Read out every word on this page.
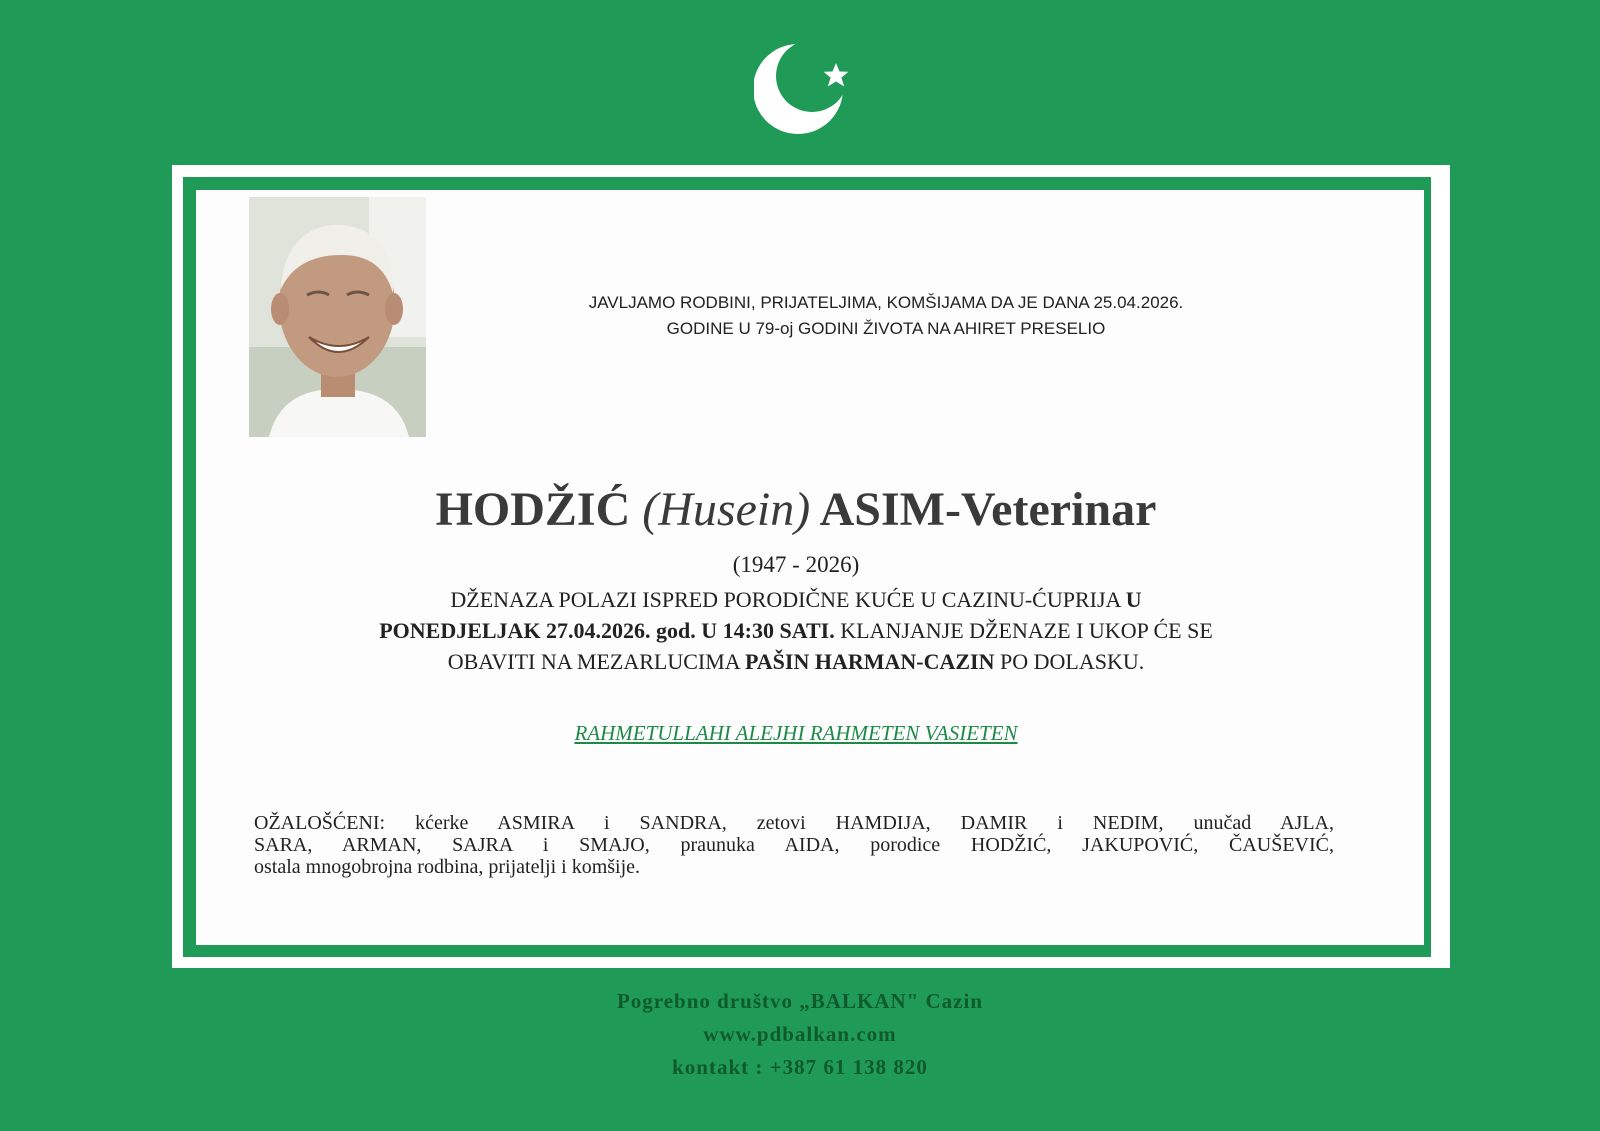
JAVLJAMO RODBINI, PRIJATELJIMA, KOMŠIJAMA DA JE DANA 25.04.2026.
GODINE U 79-oj GODINI ŽIVOTA NA AHIRET PRESELIO
HODŽIĆ (Husein) ASIM-Veterinar
(1947 - 2026)
DŽENAZA POLAZI ISPRED PORODIČNE KUĆE U CAZINU-ĆUPRIJA U
PONEDJELJAK 27.04.2026. god. U 14:30 SATI. KLANJANJE DŽENAZE I UKOP ĆE SE
OBAVITI NA MEZARLUCIMA PAŠIN HARMAN-CAZIN PO DOLASKU.
RAHMETULLAHI ALEJHI RAHMETEN VASIETEN
OŽALOŠĆENI: kćerke ASMIRA i SANDRA, zetovi HAMDIJA, DAMIR i NEDIM, unučad AJLA,
SARA, ARMAN, SAJRA i SMAJO, praunuka AIDA, porodice HODŽIĆ, JAKUPOVIĆ, ČAUŠEVIĆ,
ostala mnogobrojna rodbina, prijatelji i komšije.
Pogrebno društvo „BALKAN" Cazin
www.pdbalkan.com
kontakt : +387 61 138 820
